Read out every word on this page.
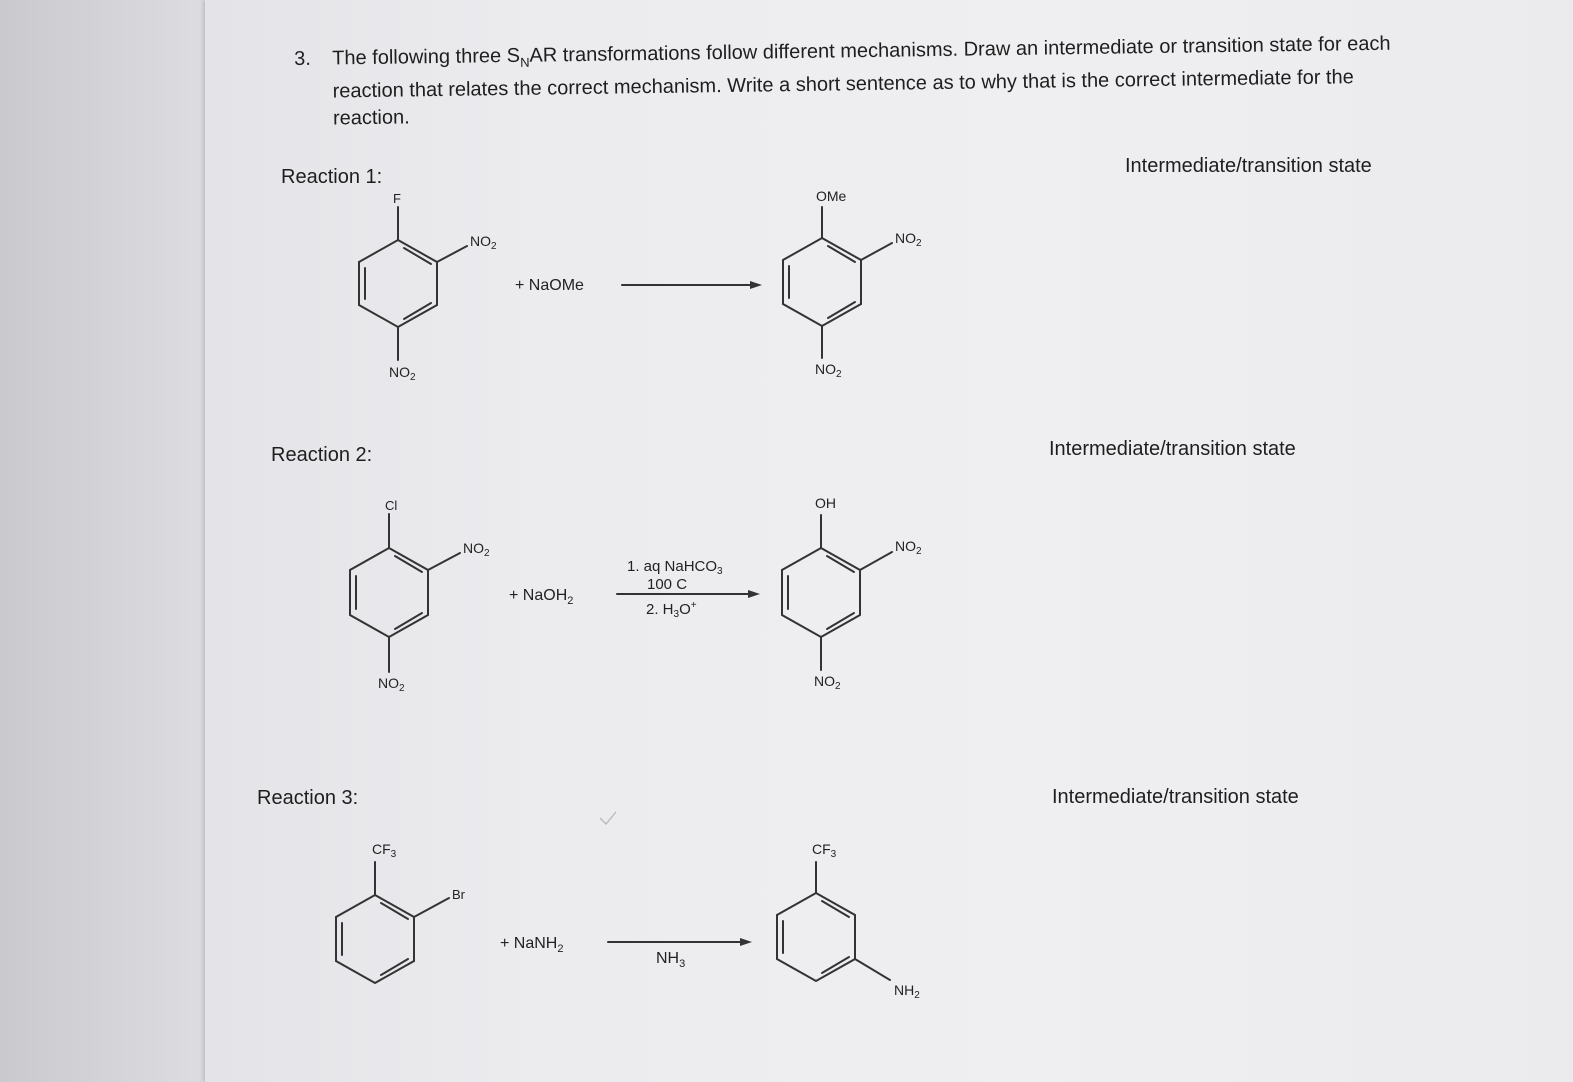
3. The following three $S_NAR$ transformations follow different mechanisms. Draw an intermediate or transition state for each reaction that relates the correct mechanism. Write a short sentence as to why that is the correct intermediate for the reaction.
Reaction 1:	Intermediate/transition state
Reaction 2:	Intermediate/transition state
Reaction 3:	Intermediate/transition state
F
$NO_2$
$NO_2$
+ NaOMe
OMe
$NO_2$
$NO_2$
Cl
$NO_2$
$NO_2$
+ NaOH$_2$
1. aq NaHCO$_3$
100 C
2. $H_3O^+$
OH
$NO_2$
$NO_2$
$CF_3$
Br
+ NaNH$_2$
$NH_3$
$CF_3$
$NH_2$
